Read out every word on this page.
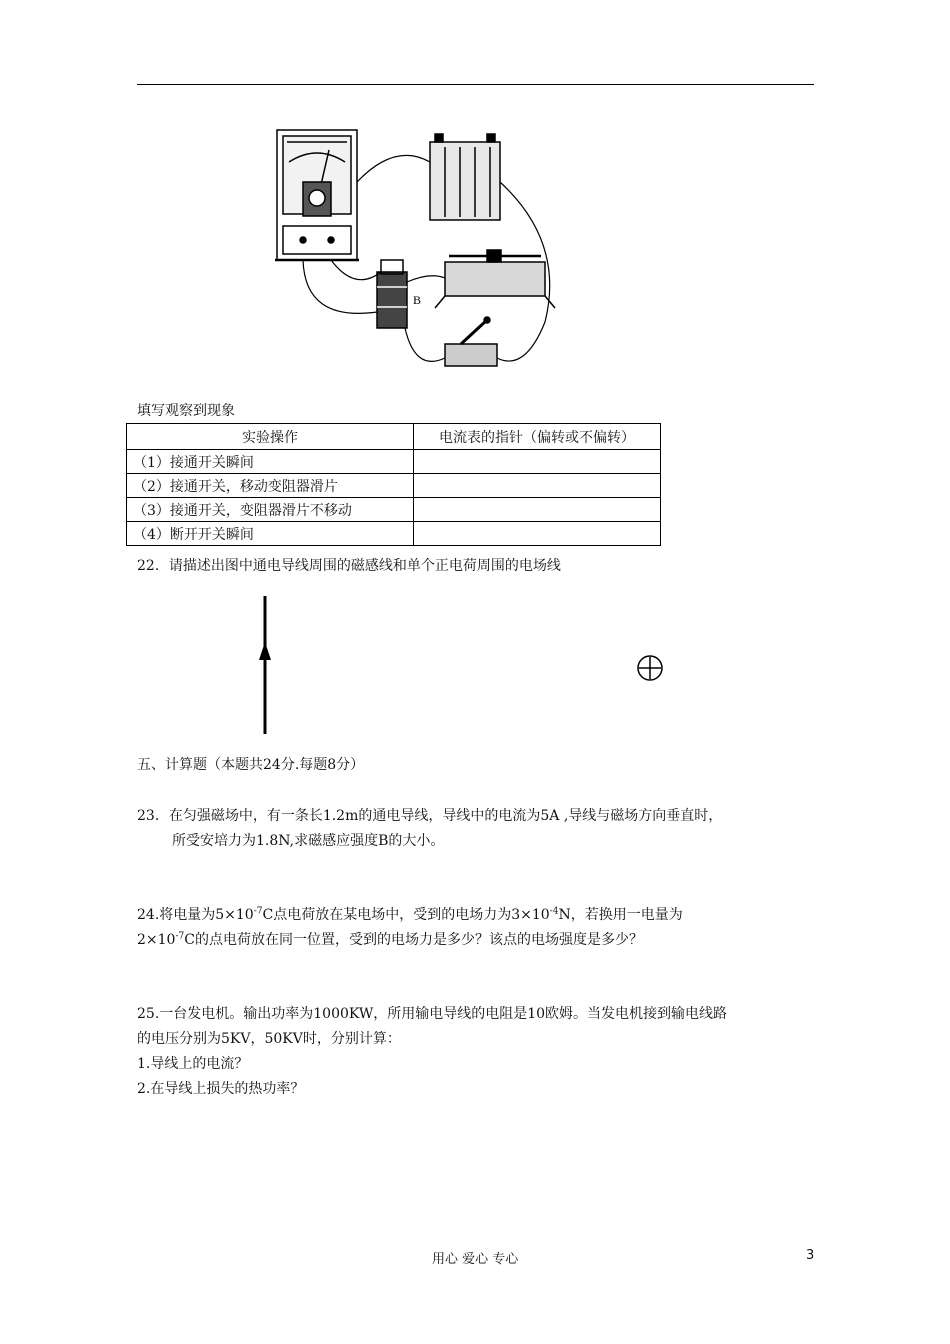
B
填写观察到现象
实验操作	电流表的指针（偏转或不偏转）
（1）接通开关瞬间	
（2）接通开关，移动变阻器滑片	
（3）接通开关，变阻器滑片不移动	
（4）断开开关瞬间	
22．请描述出图中通电导线周围的磁感线和单个正电荷周围的电场线
五、计算题（本题共24分.每题8分）
23．在匀强磁场中，有一条长1.2m的通电导线，导线中的电流为5A ,导线与磁场方向垂直时，
所受安培力为1.8N,求磁感应强度B的大小。
24.将电量为$5\times 10^{-7}C$点电荷放在某电场中，受到的电场力为$3\times 10^{-4}N$，若换用一电量为
$2\times 10^{-7}C$的点电荷放在同一位置，受到的电场力是多少？该点的电场强度是多少？
25.一台发电机。输出功率为1000KW，所用输电导线的电阻是10欧姆。当发电机接到输电线路
的电压分别为5KV，50KV时，分别计算：
1.导线上的电流？
2.在导线上损失的热功率？
用心 爱心 专心	3
